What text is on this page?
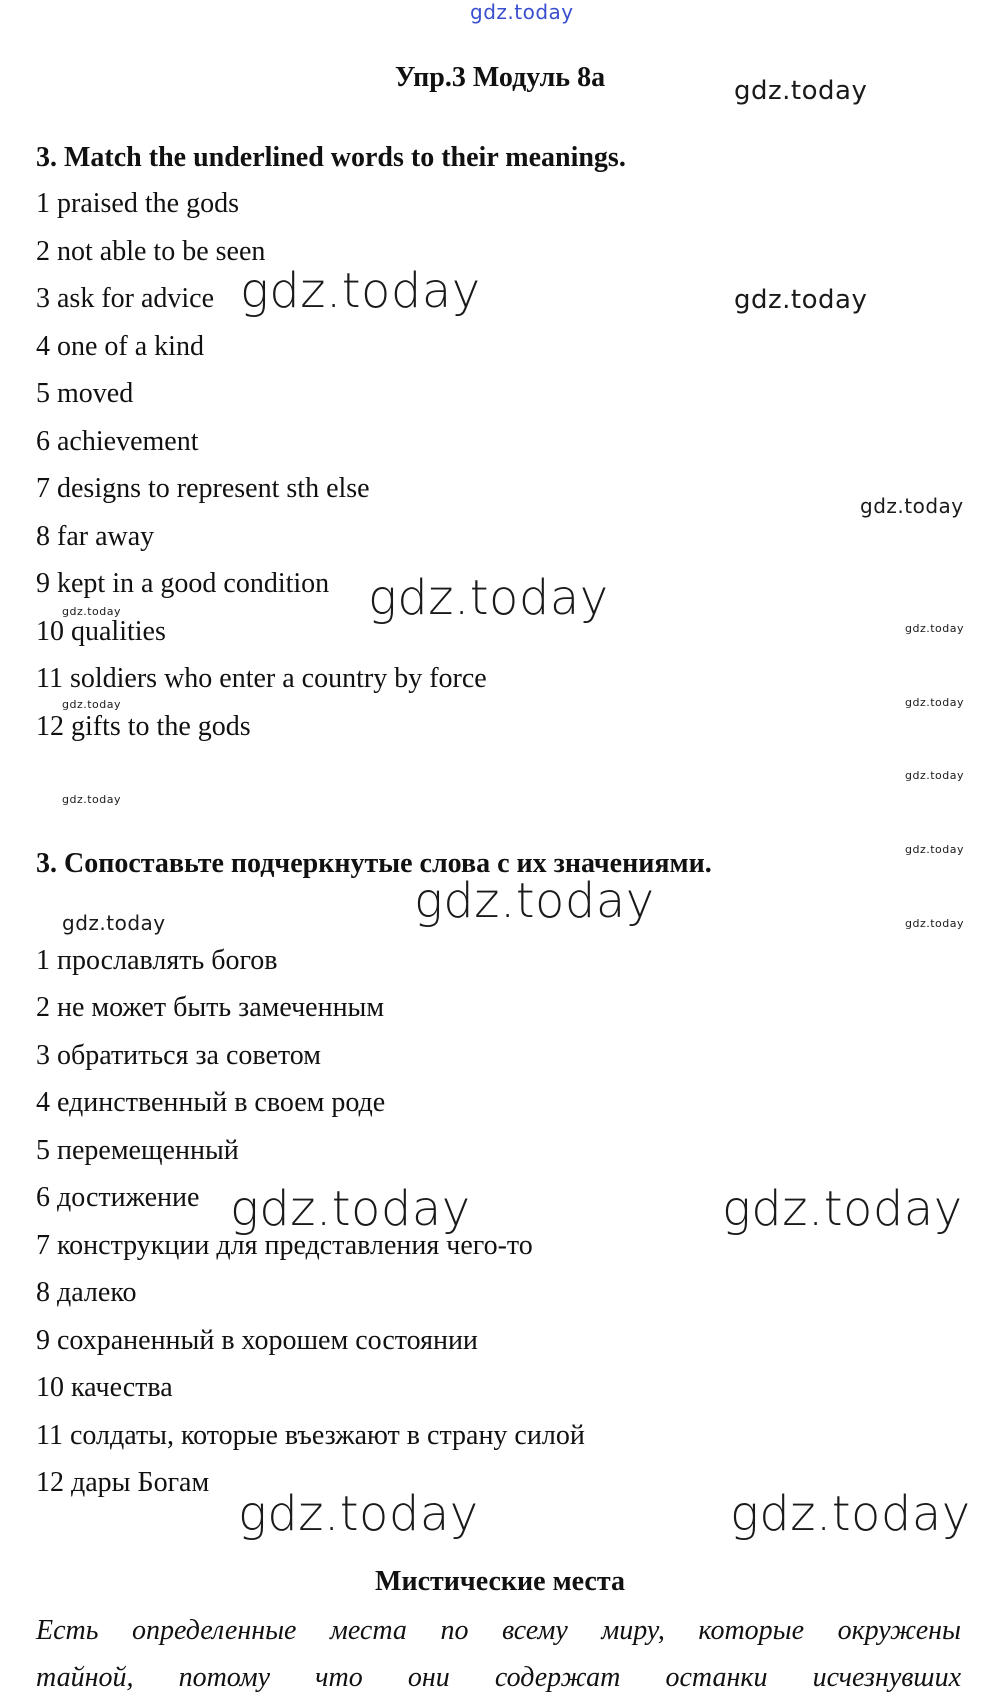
Упр.3 Модуль 8а
3. Match the underlined words to their meanings.
1 praised the gods
2 not able to be seen
3 ask for advice
4 one of a kind
5 moved
6 achievement
7 designs to represent sth else
8 far away
9 kept in a good condition
10 qualities
11 soldiers who enter a country by force
12 gifts to the gods
3. Сопоставьте подчеркнутые слова с их значениями.
1 прославлять богов
2 не может быть замеченным
3 обратиться за советом
4 единственный в своем роде
5 перемещенный
6 достижение
7 конструкции для представления чего-то
8 далеко
9 сохраненный в хорошем состоянии
10 качества
11 солдаты, которые въезжают в страну силой
12 дары Богам
Мистические места

Есть определенные места по всему миру, которые окружены

тайной, потому что они содержат останки исчезнувших

gdz.today
gdz.today
gdz.today	gdz.today
gdz.today
gdz.today
gdz.today
gdz.today
gdz.today	gdz.today
gdz.today
gdz.today
gdz.today
gdz.today	gdz.today	gdz.today
gdz.today	gdz.today
gdz.today	gdz.today
